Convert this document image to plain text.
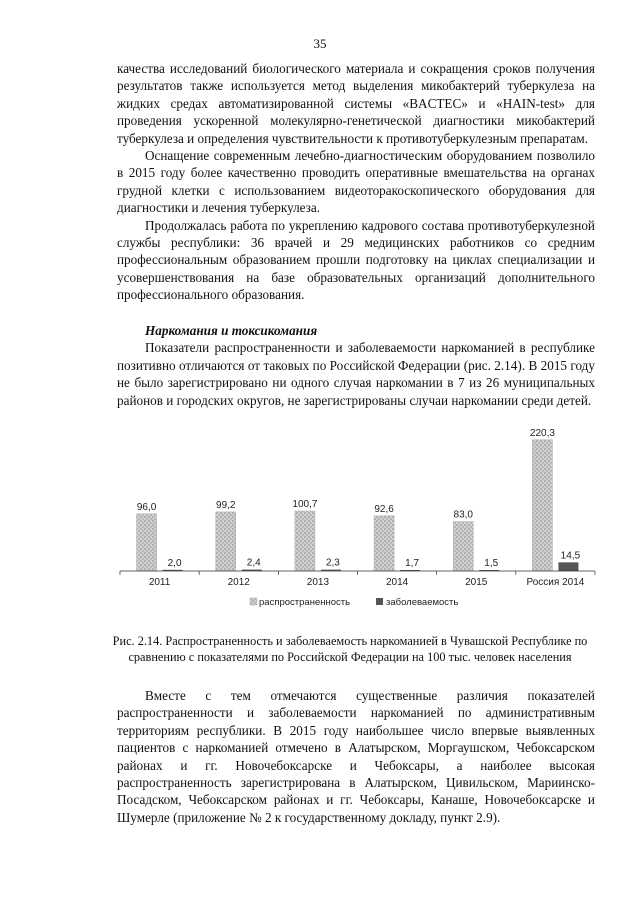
35

качества исследований биологического материала и сокращения сроков получения результатов также используется метод выделения микобактерий туберкулеза на жидких средах автоматизированной системы «BACTEC» и «HAIN-test» для проведения ускоренной молекулярно-генетической диагностики микобактерий туберкулеза и определения чувствительности к противотуберкулезным препаратам.

Оснащение современным лечебно-диагностическим оборудованием позволило в 2015 году более качественно проводить оперативные вмешательства на органах грудной клетки с использованием видеоторакоскопического оборудования для диагностики и лечения туберкулеза.

Продолжалась работа по укреплению кадрового состава противотуберкулезной службы республики: 36 врачей и 29 медицинских работников со средним профессиональным образованием прошли подготовку на циклах специализации и усовершенствования на базе образовательных организаций дополнительного профессионального образования.

Наркомания и токсикомания

Показатели распространенности и заболеваемости наркоманией в республике позитивно отличаются от таковых по Российской Федерации (рис. 2.14). В 2015 году не было зарегистрировано ни одного случая наркомании в 7 из 26 муниципальных районов и городских округов, не зарегистрированы случаи наркомании среди детей.

96,0
2,0
2011
99,2
2,4
2012
100,7
2,3
2013
92,6
1,7
2014
83,0
1,5
2015
220,3
14,5
Россия 2014
распространенность	заболеваемость
Рис. 2.14. Распространенность и заболеваемость наркоманией в Чувашской Республике по сравнению с показателями по Российской Федерации на 100 тыс. человек населения

Вместе с тем отмечаются существенные различия показателей распространенности и заболеваемости наркоманией по административным территориям республики. В 2015 году наибольшее число впервые выявленных пациентов с наркоманией отмечено в Алатырском, Моргаушском, Чебоксарском районах и гг. Новочебоксарске и Чебоксары, а наиболее высокая распространенность зарегистрирована в Алатырском, Цивильском, Мариинско-Посадском, Чебоксарском районах и гг. Чебоксары, Канаше, Новочебоксарске и Шумерле (приложение № 2 к государственному докладу, пункт 2.9).
